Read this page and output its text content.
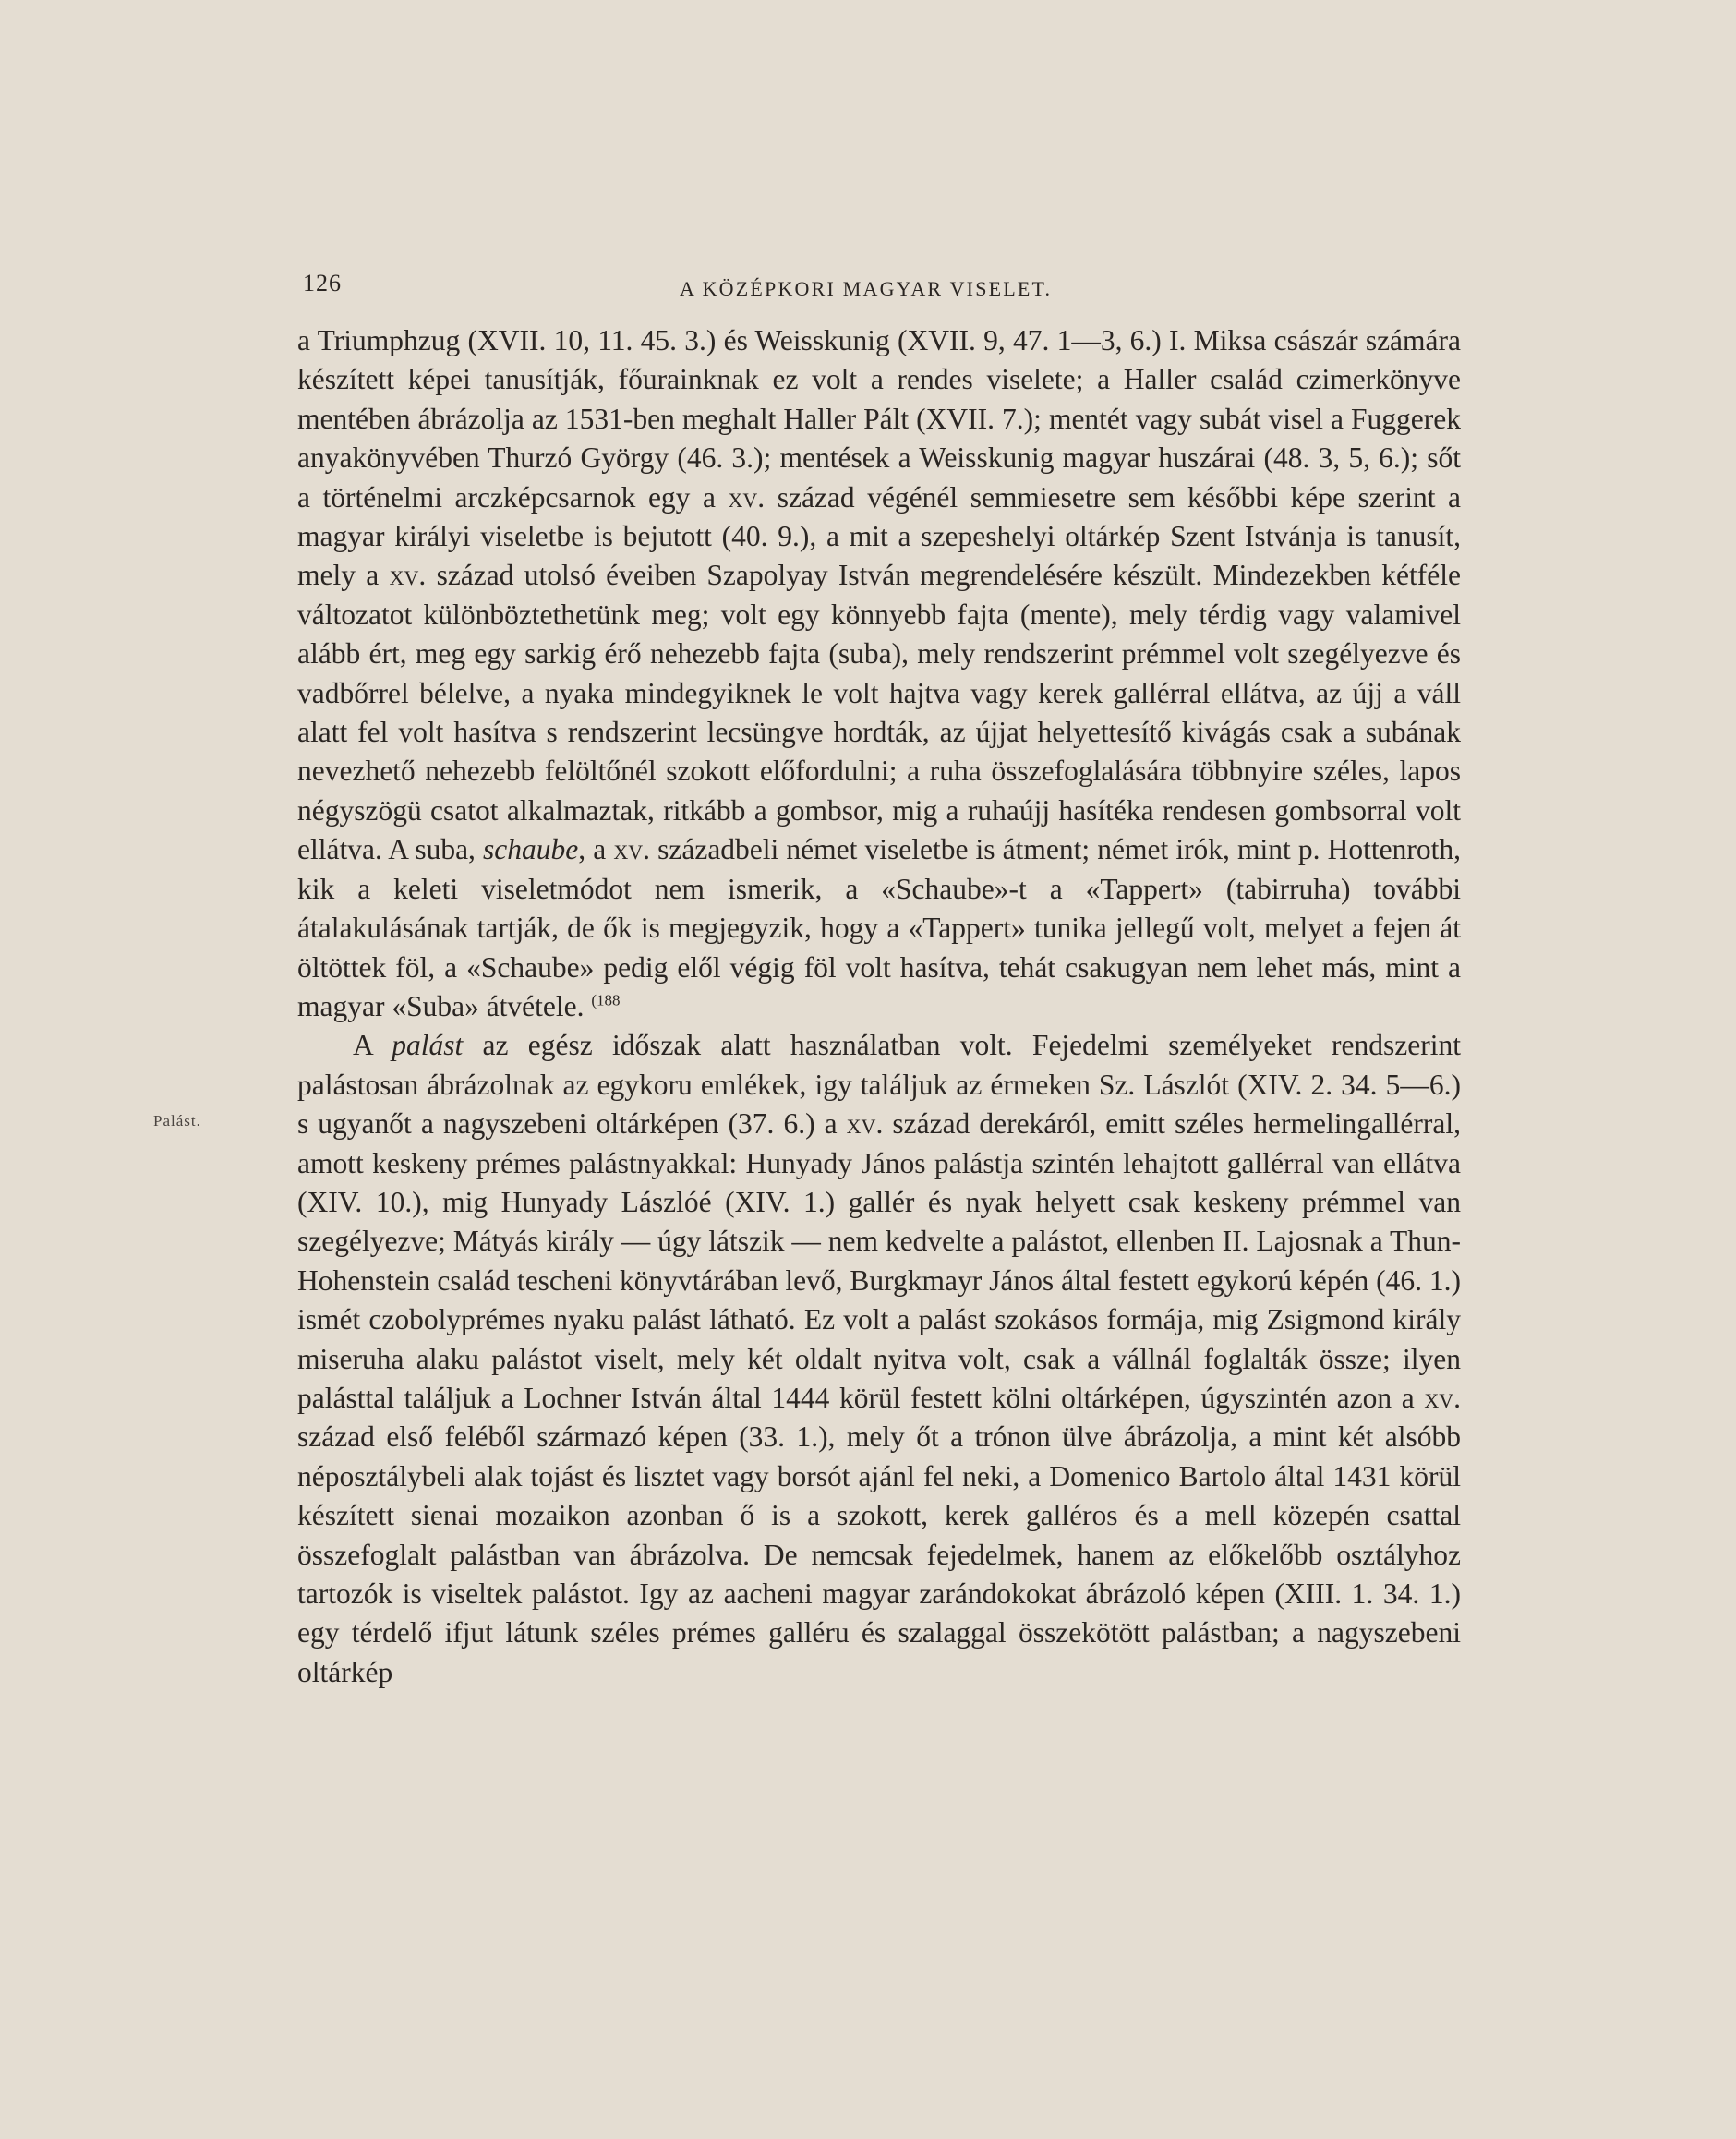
126	A KÖZÉPKORI MAGYAR VISELET.
Palást.

a Triumphzug (XVII. 10, 11. 45. 3.) és Weisskunig (XVII. 9, 47. 1—3, 6.) I. Miksa császár számára készített képei tanusítják, főurainknak ez volt a rendes viselete; a Haller család czimerkönyve mentében ábrázolja az 1531-ben meghalt Haller Pált (XVII. 7.); mentét vagy subát visel a Fuggerek anyakönyvében Thurzó György (46. 3.); mentések a Weisskunig magyar huszárai (48. 3, 5, 6.); sőt a történelmi arczképcsarnok egy a xv. század végénél semmiesetre sem későbbi képe szerint a magyar királyi viseletbe is bejutott (40. 9.), a mit a szepeshelyi oltárkép Szent Istvánja is tanusít, mely a xv. század utolsó éveiben Szapolyay István megrendelésére készült. Mindezekben kétféle változatot különböztethetünk meg; volt egy könnyebb fajta (mente), mely térdig vagy valamivel alább ért, meg egy sarkig érő nehezebb fajta (suba), mely rendszerint prémmel volt szegélyezve és vadbőrrel bélelve, a nyaka mindegyiknek le volt hajtva vagy kerek gallérral ellátva, az újj a váll alatt fel volt hasítva s rendszerint lecsüngve hordták, az újjat helyettesítő kivágás csak a subának nevezhető nehezebb felöltőnél szokott előfordulni; a ruha összefoglalására többnyire széles, lapos négyszögü csatot alkalmaztak, ritkább a gombsor, mig a ruhaújj hasítéka rendesen gombsorral volt ellátva. A suba, schaube, a xv. századbeli német viseletbe is átment; német irók, mint p. Hottenroth, kik a keleti viseletmódot nem ismerik, a «Schaube»-t a «Tappert» (tabirruha) további átalakulásának tartják, de ők is megjegyzik, hogy a «Tappert» tunika jellegű volt, melyet a fejen át öltöttek föl, a «Schaube» pedig elől végig föl volt hasítva, tehát csakugyan nem lehet más, mint a magyar «Suba» átvétele. $^{(188}$

A palást az egész időszak alatt használatban volt. Fejedelmi személyeket rendszerint palástosan ábrázolnak az egykoru emlékek, igy találjuk az érmeken Sz. Lászlót (XIV. 2. 34. 5—6.) s ugyanőt a nagyszebeni oltárképen (37. 6.) a xv. század derekáról, emitt széles hermelingallérral, amott keskeny prémes palástnyakkal: Hunyady János palástja szintén lehajtott gallérral van ellátva (XIV. 10.), mig Hunyady Lászlóé (XIV. 1.) gallér és nyak helyett csak keskeny prémmel van szegélyezve; Mátyás király — úgy látszik — nem kedvelte a palástot, ellenben II. Lajosnak a Thun-Hohenstein család tescheni könyvtárában levő, Burgkmayr János által festett egykorú képén (46. 1.) ismét czobolyprémes nyaku palást látható. Ez volt a palást szokásos formája, mig Zsigmond király miseruha alaku palástot viselt, mely két oldalt nyitva volt, csak a vállnál foglalták össze; ilyen palásttal találjuk a Lochner István által 1444 körül festett kölni oltárképen, úgyszintén azon a xv. század első feléből származó képen (33. 1.), mely őt a trónon ülve ábrázolja, a mint két alsóbb néposztálybeli alak tojást és lisztet vagy borsót ajánl fel neki, a Domenico Bartolo által 1431 körül készített sienai mozaikon azonban ő is a szokott, kerek galléros és a mell közepén csattal összefoglalt palástban van ábrázolva. De nemcsak fejedelmek, hanem az előkelőbb osztályhoz tartozók is viseltek palástot. Igy az aacheni magyar zarándokokat ábrázoló képen (XIII. 1. 34. 1.) egy térdelő ifjut látunk széles prémes galléru és szalaggal összekötött palástban; a nagyszebeni oltárkép
